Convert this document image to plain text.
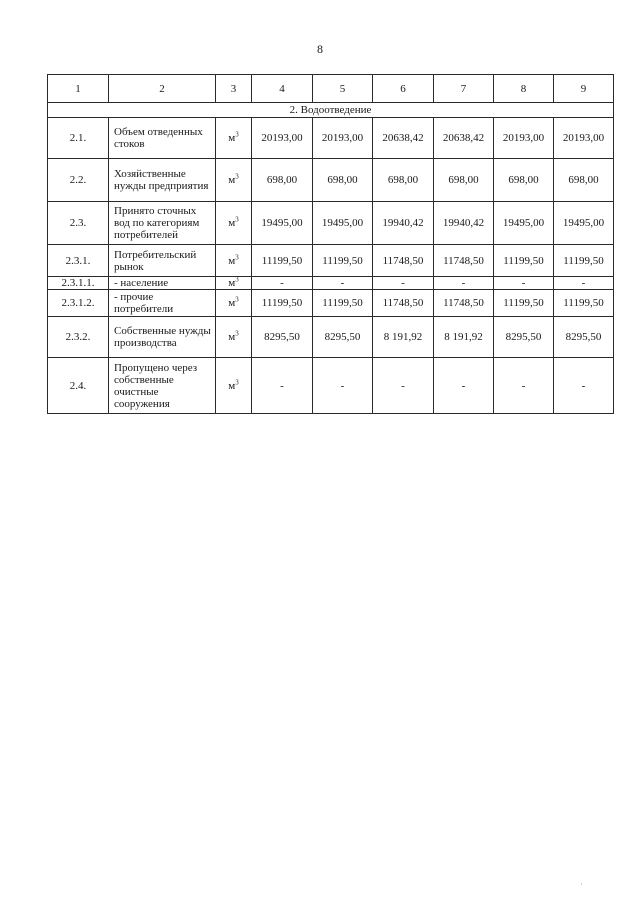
8
1	2	3	4	5	6	7	8	9
2. Водоотведение								
2.1.	Объем отведенных стоков	$м^3$	20193,00	20193,00	20638,42	20638,42	20193,00	20193,00
2.2.	Хозяйственные нужды предприятия	$м^3$	698,00	698,00	698,00	698,00	698,00	698,00
2.3.	Принято сточных вод по категориям потребителей	$м^3$	19495,00	19495,00	19940,42	19940,42	19495,00	19495,00
2.3.1.	Потребительский рынок	$м^3$	11199,50	11199,50	11748,50	11748,50	11199,50	11199,50
2.3.1.1.	- население	$м^3$	-	-	-	-	-	-
2.3.1.2.	- прочие потребители	$м^3$	11199,50	11199,50	11748,50	11748,50	11199,50	11199,50
2.3.2.	Собственные нужды производства	$м^3$	8295,50	8295,50	8 191,92	8 191,92	8295,50	8295,50
2.4.	Пропущено через собственные очистные сооружения	$м^3$	-	-	-	-	-	-
·
